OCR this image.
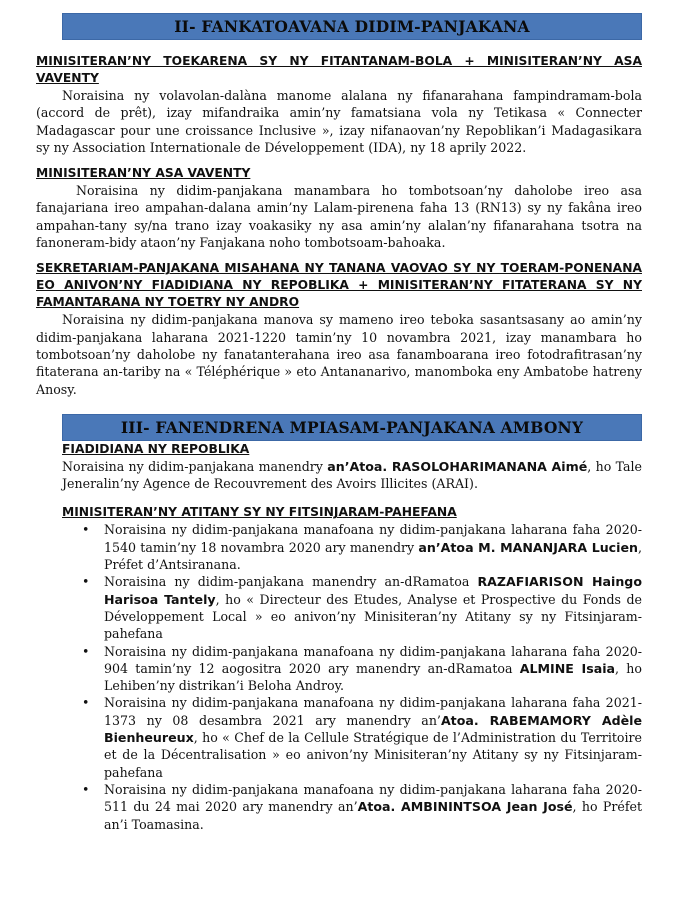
II- FANKATOAVANA DIDIM-PANJAKANA

MINISITERAN’NY TOEKARENA SY NY FITANTANAM-BOLA + MINISITERAN’NY ASA VAVENTY

Noraisina ny volavolan-dalàna manome alalana ny fifanarahana fampindramam-bola (accord de prêt), izay mifandraika amin’ny famatsiana vola ny Tetikasa « Connecter Madagascar pour une croissance Inclusive », izay nifanaovan’ny Repoblikan’i Madagasikara sy ny Association Internationale de Développement (IDA), ny 18 aprily 2022.

MINISITERAN’NY ASA VAVENTY

Noraisina ny didim-panjakana manambara ho tombotsoan’ny daholobe ireo asa fanajariana ireo ampahan-dalana amin’ny Lalam-pirenena faha 13 (RN13) sy ny fakâna ireo ampahan-tany sy/na trano izay voakasiky ny asa amin’ny alalan’ny fifanarahana tsotra na fanoneram-bidy ataon’ny Fanjakana noho tombotsoam-bahoaka.

SEKRETARIAM-PANJAKANA MISAHANA NY TANANA VAOVAO SY NY TOERAM-PONENANA EO ANIVON’NY FIADIDIANA NY REPOBLIKA + MINISITERAN’NY FITATERANA SY NY FAMANTARANA NY TOETRY NY ANDRO

Noraisina ny didim-panjakana manova sy mameno ireo teboka sasantsasany ao amin’ny didim-panjakana laharana 2021-1220 tamin’ny 10 novambra 2021, izay manambara ho tombotsoan’ny daholobe ny fanatanterahana ireo asa fanamboarana ireo fotodrafitrasan’ny fitaterana an-tariby na « Téléphérique » eto Antananarivo, manomboka eny Ambatobe hatreny Anosy.

III- FANENDRENA MPIASAM-PANJAKANA AMBONY

FIADIDIANA NY REPOBLIKA

Noraisina ny didim-panjakana manendry an’Atoa. RASOLOHARIMANANA Aimé, ho Tale Jeneralin’ny Agence de Recouvrement des Avoirs Illicites (ARAI).

MINISITERAN’NY ATITANY SY NY FITSINJARAM-PAHEFANA

• Noraisina ny didim-panjakana manafoana ny didim-panjakana laharana faha 2020-1540 tamin’ny 18 novambra 2020 ary manendry an’Atoa M. MANANJARA Lucien, Préfet d’Antsiranana.
• Noraisina ny didim-panjakana manendry an-dRamatoa RAZAFIARISON Haingo Harisoa Tantely, ho « Directeur des Etudes, Analyse et Prospective du Fonds de Développement Local » eo anivon’ny Minisiteran’ny Atitany sy ny Fitsinjaram-pahefana
• Noraisina ny didim-panjakana manafoana ny didim-panjakana laharana faha 2020-904 tamin’ny 12 aogositra 2020 ary manendry an-dRamatoa ALMINE Isaia, ho Lehiben’ny distrikan’i Beloha Androy.
• Noraisina ny didim-panjakana manafoana ny didim-panjakana laharana faha 2021-1373 ny 08 desambra 2021 ary manendry an’Atoa. RABEMAMORY Adèle Bienheureux, ho « Chef de la Cellule Stratégique de l’Administration du Territoire et de la Décentralisation » eo anivon’ny Minisiteran’ny Atitany sy ny Fitsinjaram-pahefana
• Noraisina ny didim-panjakana manafoana ny didim-panjakana laharana faha 2020-511 du 24 mai 2020 ary manendry an’Atoa. AMBININTSOA Jean José, ho Préfet an’i Toamasina.
